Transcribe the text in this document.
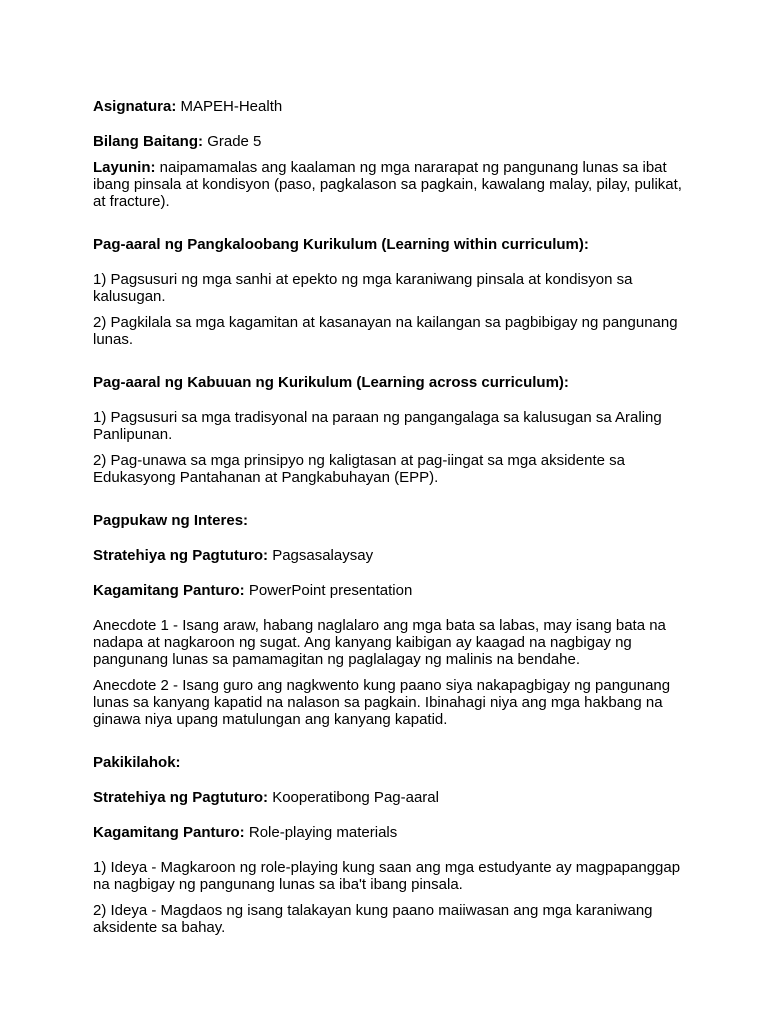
Asignatura: MAPEH-Health

Bilang Baitang: Grade 5

Layunin: naipamamalas ang kaalaman ng mga nararapat ng pangunang lunas sa ibat ibang pinsala at kondisyon (paso, pagkalason sa pagkain, kawalang malay, pilay, pulikat, at fracture).

Pag-aaral ng Pangkaloobang Kurikulum (Learning within curriculum):

1) Pagsusuri ng mga sanhi at epekto ng mga karaniwang pinsala at kondisyon sa kalusugan.

2) Pagkilala sa mga kagamitan at kasanayan na kailangan sa pagbibigay ng pangunang lunas.

Pag-aaral ng Kabuuan ng Kurikulum (Learning across curriculum):

1) Pagsusuri sa mga tradisyonal na paraan ng pangangalaga sa kalusugan sa Araling Panlipunan.

2) Pag-unawa sa mga prinsipyo ng kaligtasan at pag-iingat sa mga aksidente sa Edukasyong Pantahanan at Pangkabuhayan (EPP).

Pagpukaw ng Interes:

Stratehiya ng Pagtuturo: Pagsasalaysay

Kagamitang Panturo: PowerPoint presentation

Anecdote 1 - Isang araw, habang naglalaro ang mga bata sa labas, may isang bata na nadapa at nagkaroon ng sugat. Ang kanyang kaibigan ay kaagad na nagbigay ng pangunang lunas sa pamamagitan ng paglalagay ng malinis na bendahe.

Anecdote 2 - Isang guro ang nagkwento kung paano siya nakapagbigay ng pangunang lunas sa kanyang kapatid na nalason sa pagkain. Ibinahagi niya ang mga hakbang na ginawa niya upang matulungan ang kanyang kapatid.

Pakikilahok:

Stratehiya ng Pagtuturo: Kooperatibong Pag-aaral

Kagamitang Panturo: Role-playing materials

1) Ideya - Magkaroon ng role-playing kung saan ang mga estudyante ay magpapanggap na nagbigay ng pangunang lunas sa iba't ibang pinsala.

2) Ideya - Magdaos ng isang talakayan kung paano maiiwasan ang mga karaniwang aksidente sa bahay.
